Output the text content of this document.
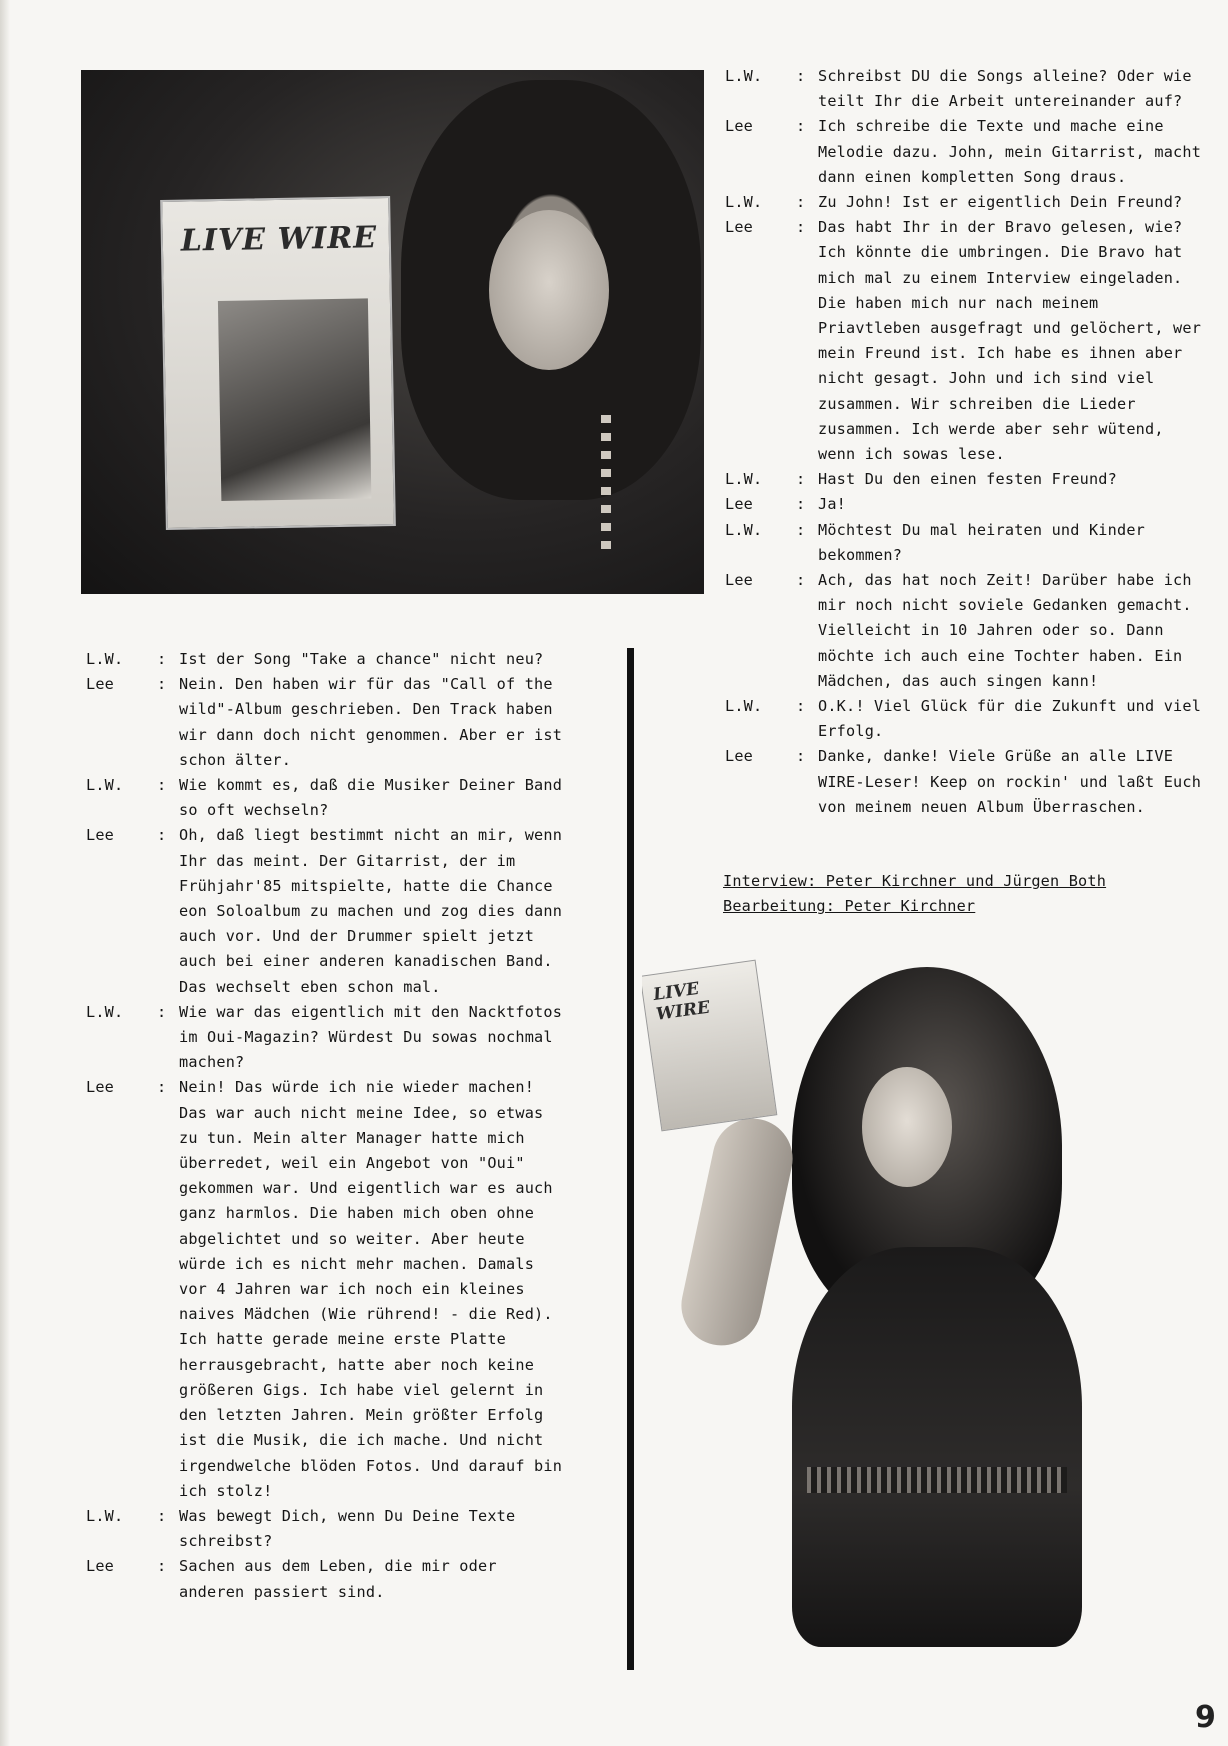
LIVE WIRE
L.W.	: Ist der Song "Take a chance" nicht neu?
Lee	: Nein. Den haben wir für das "Call of the wild"-Album geschrieben. Den Track haben wir dann doch nicht genommen. Aber er ist schon älter.
L.W.	: Wie kommt es, daß die Musiker Deiner Band so oft wechseln?
Lee	: Oh, daß liegt bestimmt nicht an mir, wenn Ihr das meint. Der Gitarrist, der im Frühjahr'85 mitspielte, hatte die Chance eon Soloalbum zu machen und zog dies dann auch vor. Und der Drummer spielt jetzt auch bei einer anderen kanadischen Band. Das wechselt eben schon mal.
L.W.	: Wie war das eigentlich mit den Nacktfotos im Oui-Magazin? Würdest Du sowas nochmal machen?
Lee	: Nein! Das würde ich nie wieder machen! Das war auch nicht meine Idee, so etwas zu tun. Mein alter Manager hatte mich überredet, weil ein Angebot von "Oui" gekommen war. Und eigentlich war es auch ganz harmlos. Die haben mich oben ohne abgelichtet und so weiter. Aber heute würde ich es nicht mehr machen. Damals vor 4 Jahren war ich noch ein kleines naives Mädchen (Wie rührend! - die Red). Ich hatte gerade meine erste Platte herrausgebracht, hatte aber noch keine größeren Gigs. Ich habe viel gelernt in den letzten Jahren. Mein größter Erfolg ist die Musik, die ich mache. Und nicht irgendwelche blöden Fotos. Und darauf bin ich stolz!
L.W.	: Was bewegt Dich, wenn Du Deine Texte schreibst?
Lee	: Sachen aus dem Leben, die mir oder anderen passiert sind.
L.W.	: Schreibst DU die Songs alleine? Oder wie teilt Ihr die Arbeit untereinander auf?
Lee	: Ich schreibe die Texte und mache eine Melodie dazu. John, mein Gitarrist, macht dann einen kompletten Song draus.
L.W.	: Zu John! Ist er eigentlich Dein Freund?
Lee	: Das habt Ihr in der Bravo gelesen, wie? Ich könnte die umbringen. Die Bravo hat mich mal zu einem Interview eingeladen. Die haben mich nur nach meinem Priavtleben ausgefragt und gelöchert, wer mein Freund ist. Ich habe es ihnen aber nicht gesagt. John und ich sind viel zusammen. Wir schreiben die Lieder zusammen. Ich werde aber sehr wütend, wenn ich sowas lese.
L.W.	: Hast Du den einen festen Freund?
Lee	: Ja!
L.W.	: Möchtest Du mal heiraten und Kinder bekommen?
Lee	: Ach, das hat noch Zeit! Darüber habe ich mir noch nicht soviele Gedanken gemacht. Vielleicht in 10 Jahren oder so. Dann möchte ich auch eine Tochter haben. Ein Mädchen, das auch singen kann!
L.W.	: O.K.! Viel Glück für die Zukunft und viel Erfolg.
Lee	: Danke, danke! Viele Grüße an alle LIVE WIRE-Leser! Keep on rockin' und laßt Euch von meinem neuen Album Überraschen.
Interview: Peter Kirchner und Jürgen Both
Bearbeitung: Peter Kirchner
LIVE WIRE
9
